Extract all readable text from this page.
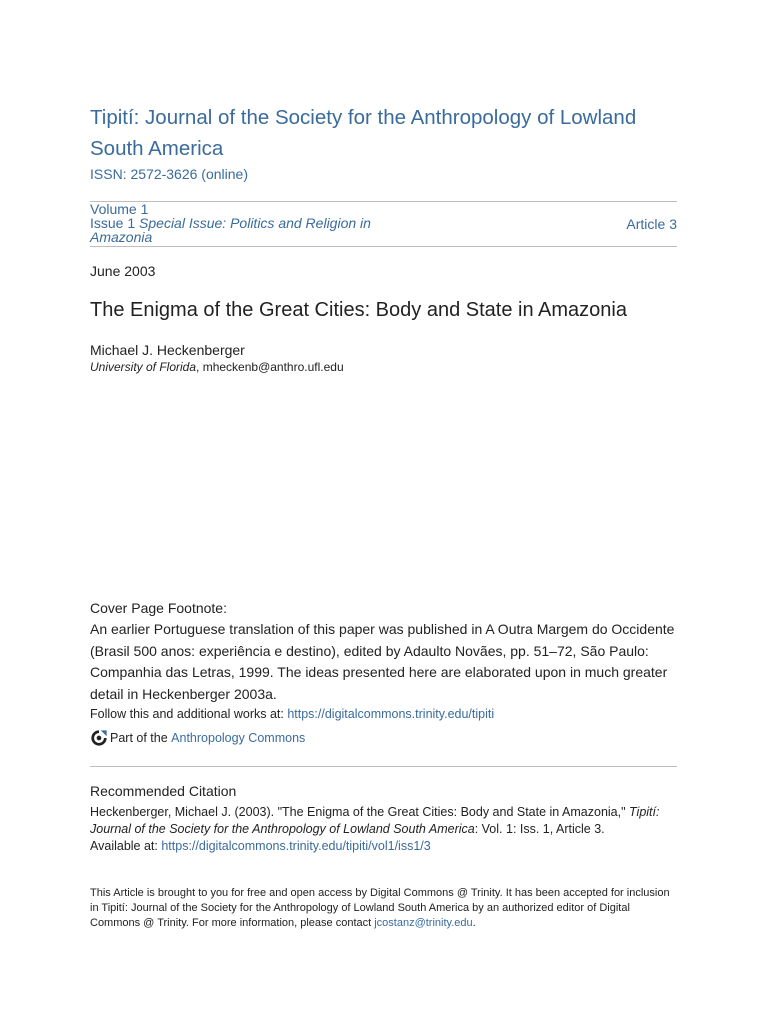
Tipití: Journal of the Society for the Anthropology of Lowland South America
ISSN: 2572-3626 (online)
Volume 1
Issue 1 Special Issue: Politics and Religion in Amazonia
Article 3
June 2003
The Enigma of the Great Cities: Body and State in Amazonia
Michael J. Heckenberger
University of Florida, mheckenb@anthro.ufl.edu
Cover Page Footnote:
An earlier Portuguese translation of this paper was published in A Outra Margem do Occidente (Brasil 500 anos: experiência e destino), edited by Adaulto Novães, pp. 51–72, São Paulo: Companhia das Letras, 1999. The ideas presented here are elaborated upon in much greater detail in Heckenberger 2003a.
Follow this and additional works at: https://digitalcommons.trinity.edu/tipiti
Part of the
Anthropology Commons
Recommended Citation
Heckenberger, Michael J. (2003). "The Enigma of the Great Cities: Body and State in Amazonia," Tipití: Journal of the Society for the Anthropology of Lowland South America: Vol. 1: Iss. 1, Article 3.
Available at: https://digitalcommons.trinity.edu/tipiti/vol1/iss1/3
This Article is brought to you for free and open access by Digital Commons @ Trinity. It has been accepted for inclusion in Tipití: Journal of the Society for the Anthropology of Lowland South America by an authorized editor of Digital Commons @ Trinity. For more information, please contact jcostanz@trinity.edu.
